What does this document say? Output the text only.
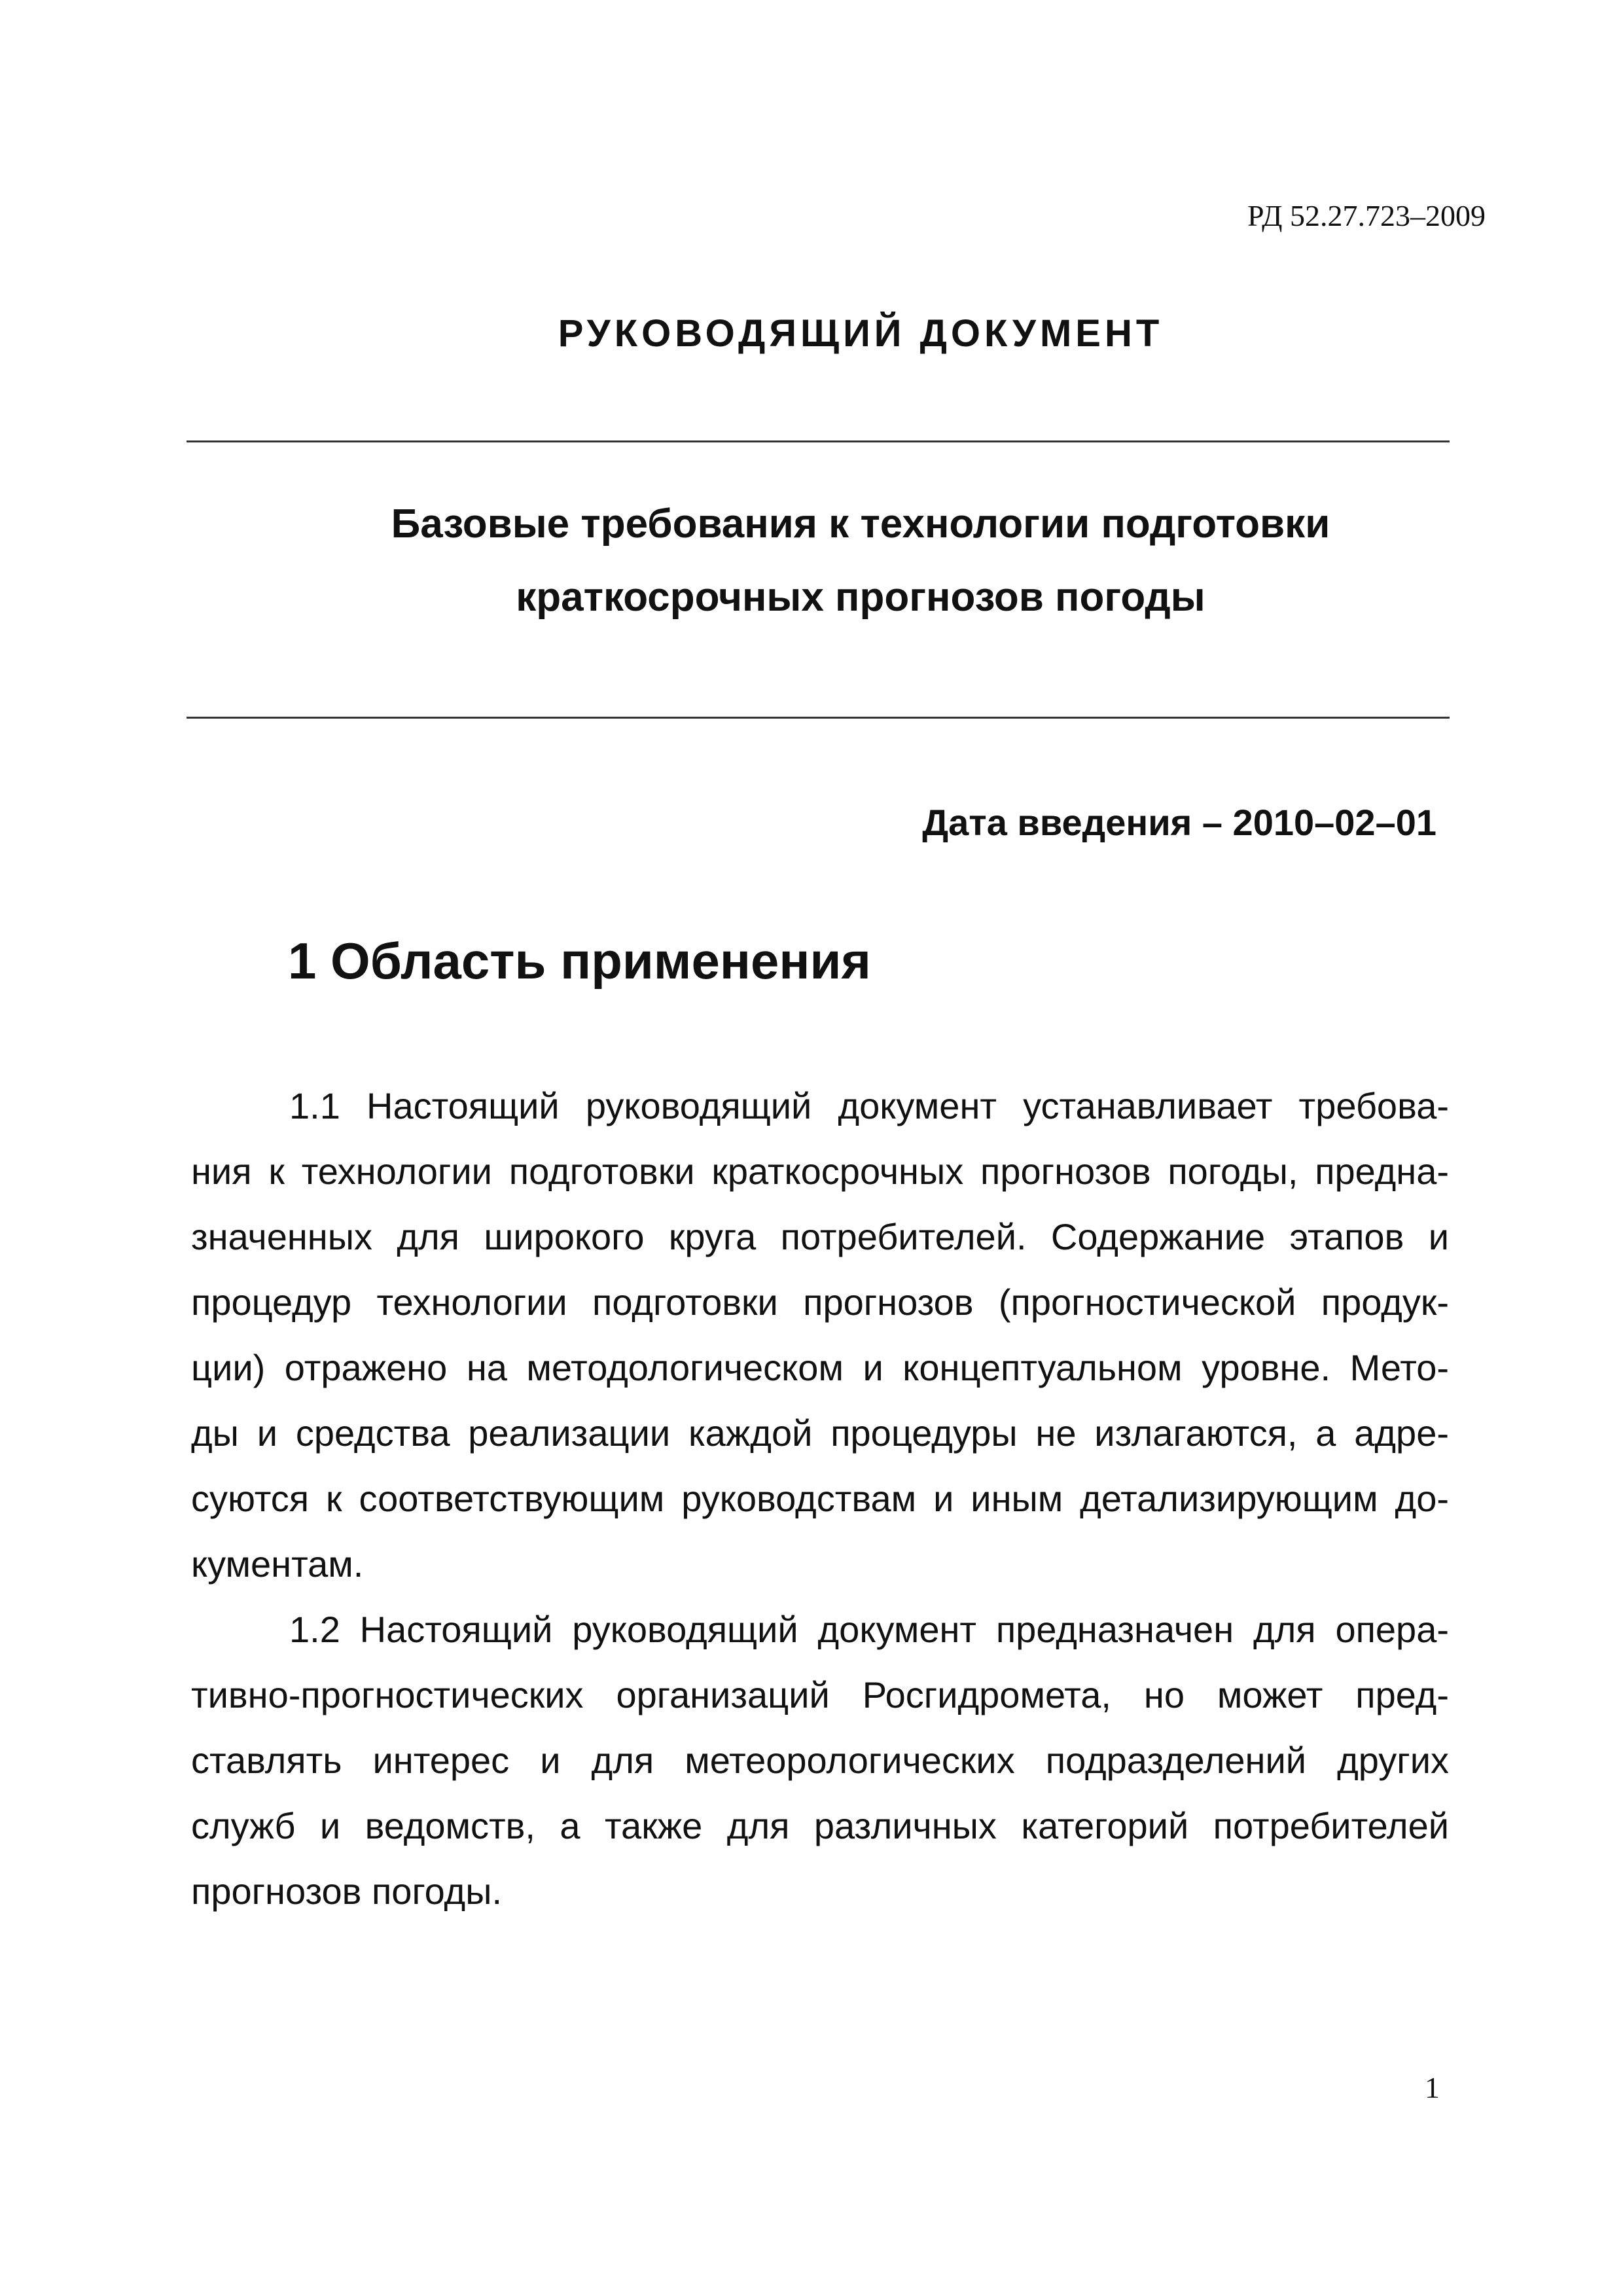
РД 52.27.723–2009
РУКОВОДЯЩИЙ ДОКУМЕНТ
Базовые требования к технологии подготовки
краткосрочных прогнозов погоды
Дата введения – 2010–02–01
1 Область применения
1.1 Настоящий руководящий документ устанавливает требова-
ния к технологии подготовки краткосрочных прогнозов погоды, предна-
значенных для широкого круга потребителей. Содержание этапов и
процедур технологии подготовки прогнозов (прогностической продук-
ции) отражено на методологическом и концептуальном уровне. Мето-
ды и средства реализации каждой процедуры не излагаются, а адре-
суются к соответствующим руководствам и иным детализирующим до-
кументам.
1.2 Настоящий руководящий документ предназначен для опера-
тивно-прогностических организаций Росгидромета, но может пред-
ставлять интерес и для метеорологических подразделений других
служб и ведомств, а также для различных категорий потребителей
прогнозов погоды.
1
